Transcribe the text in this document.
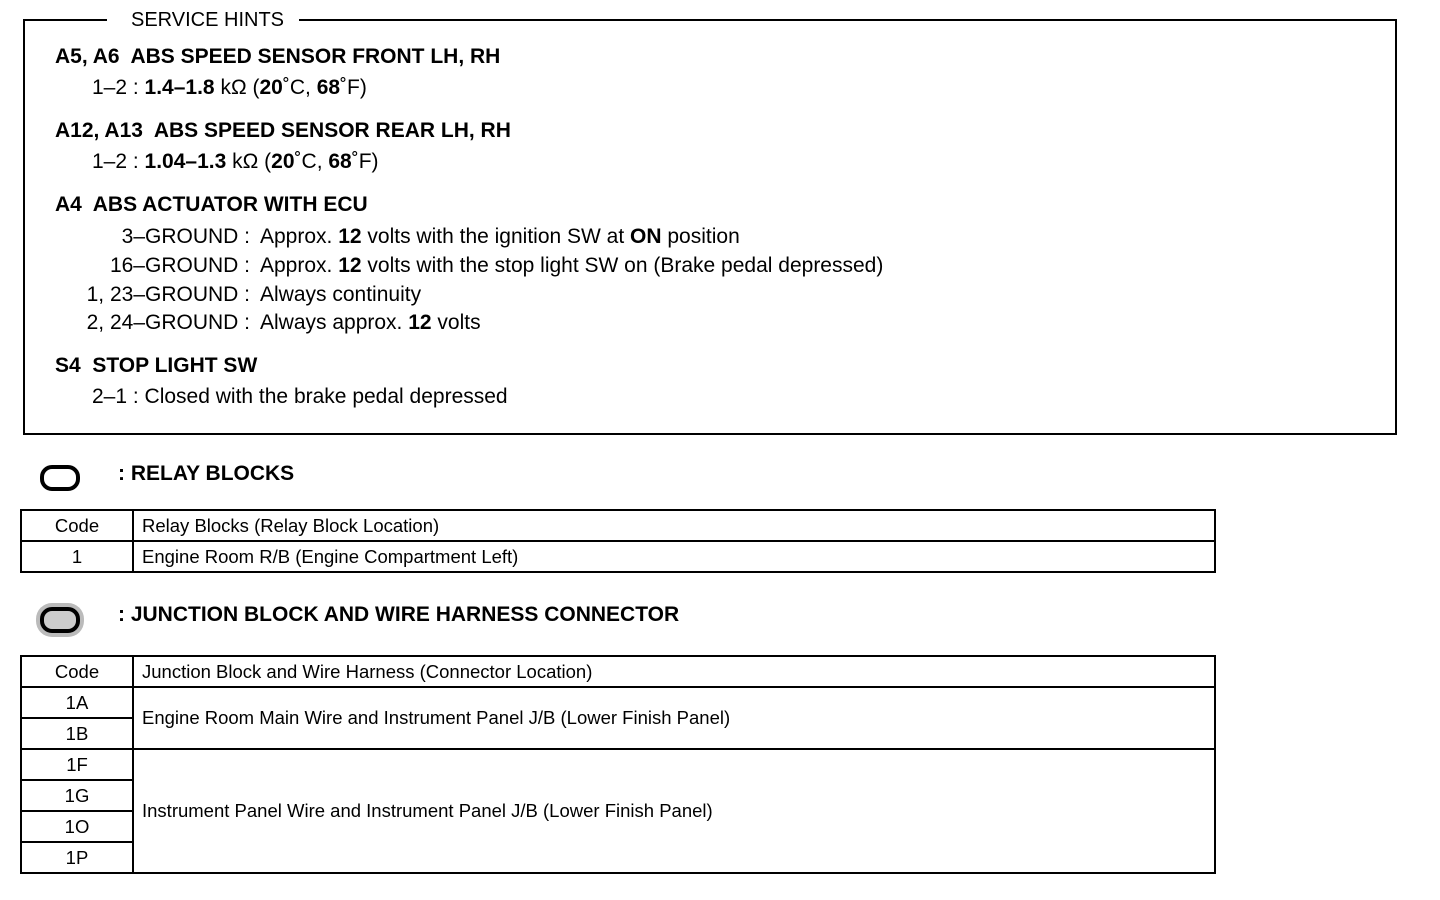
SERVICE HINTS
A5, A6  ABS SPEED SENSOR FRONT LH, RH
1–2 : 1.4–1.8 kΩ (20˚C, 68˚F)
A12, A13  ABS SPEED SENSOR REAR LH, RH
1–2 : 1.04–1.3 kΩ (20˚C, 68˚F)
A4  ABS ACTUATOR WITH ECU
3–GROUND : Approx. 12 volts with the ignition SW at ON position
16–GROUND : Approx. 12 volts with the stop light SW on (Brake pedal depressed)
1, 23–GROUND : Always continuity
2, 24–GROUND : Always approx. 12 volts
S4  STOP LIGHT SW
2–1 : Closed with the brake pedal depressed

: RELAY BLOCKS

Code	Relay Blocks (Relay Block Location)
1	Engine Room R/B (Engine Compartment Left)

: JUNCTION BLOCK AND WIRE HARNESS CONNECTOR

Code	Junction Block and Wire Harness (Connector Location)
1A	Engine Room Main Wire and Instrument Panel J/B (Lower Finish Panel)
1B	
1F	Instrument Panel Wire and Instrument Panel J/B (Lower Finish Panel)
1G	
1O	
1P	
